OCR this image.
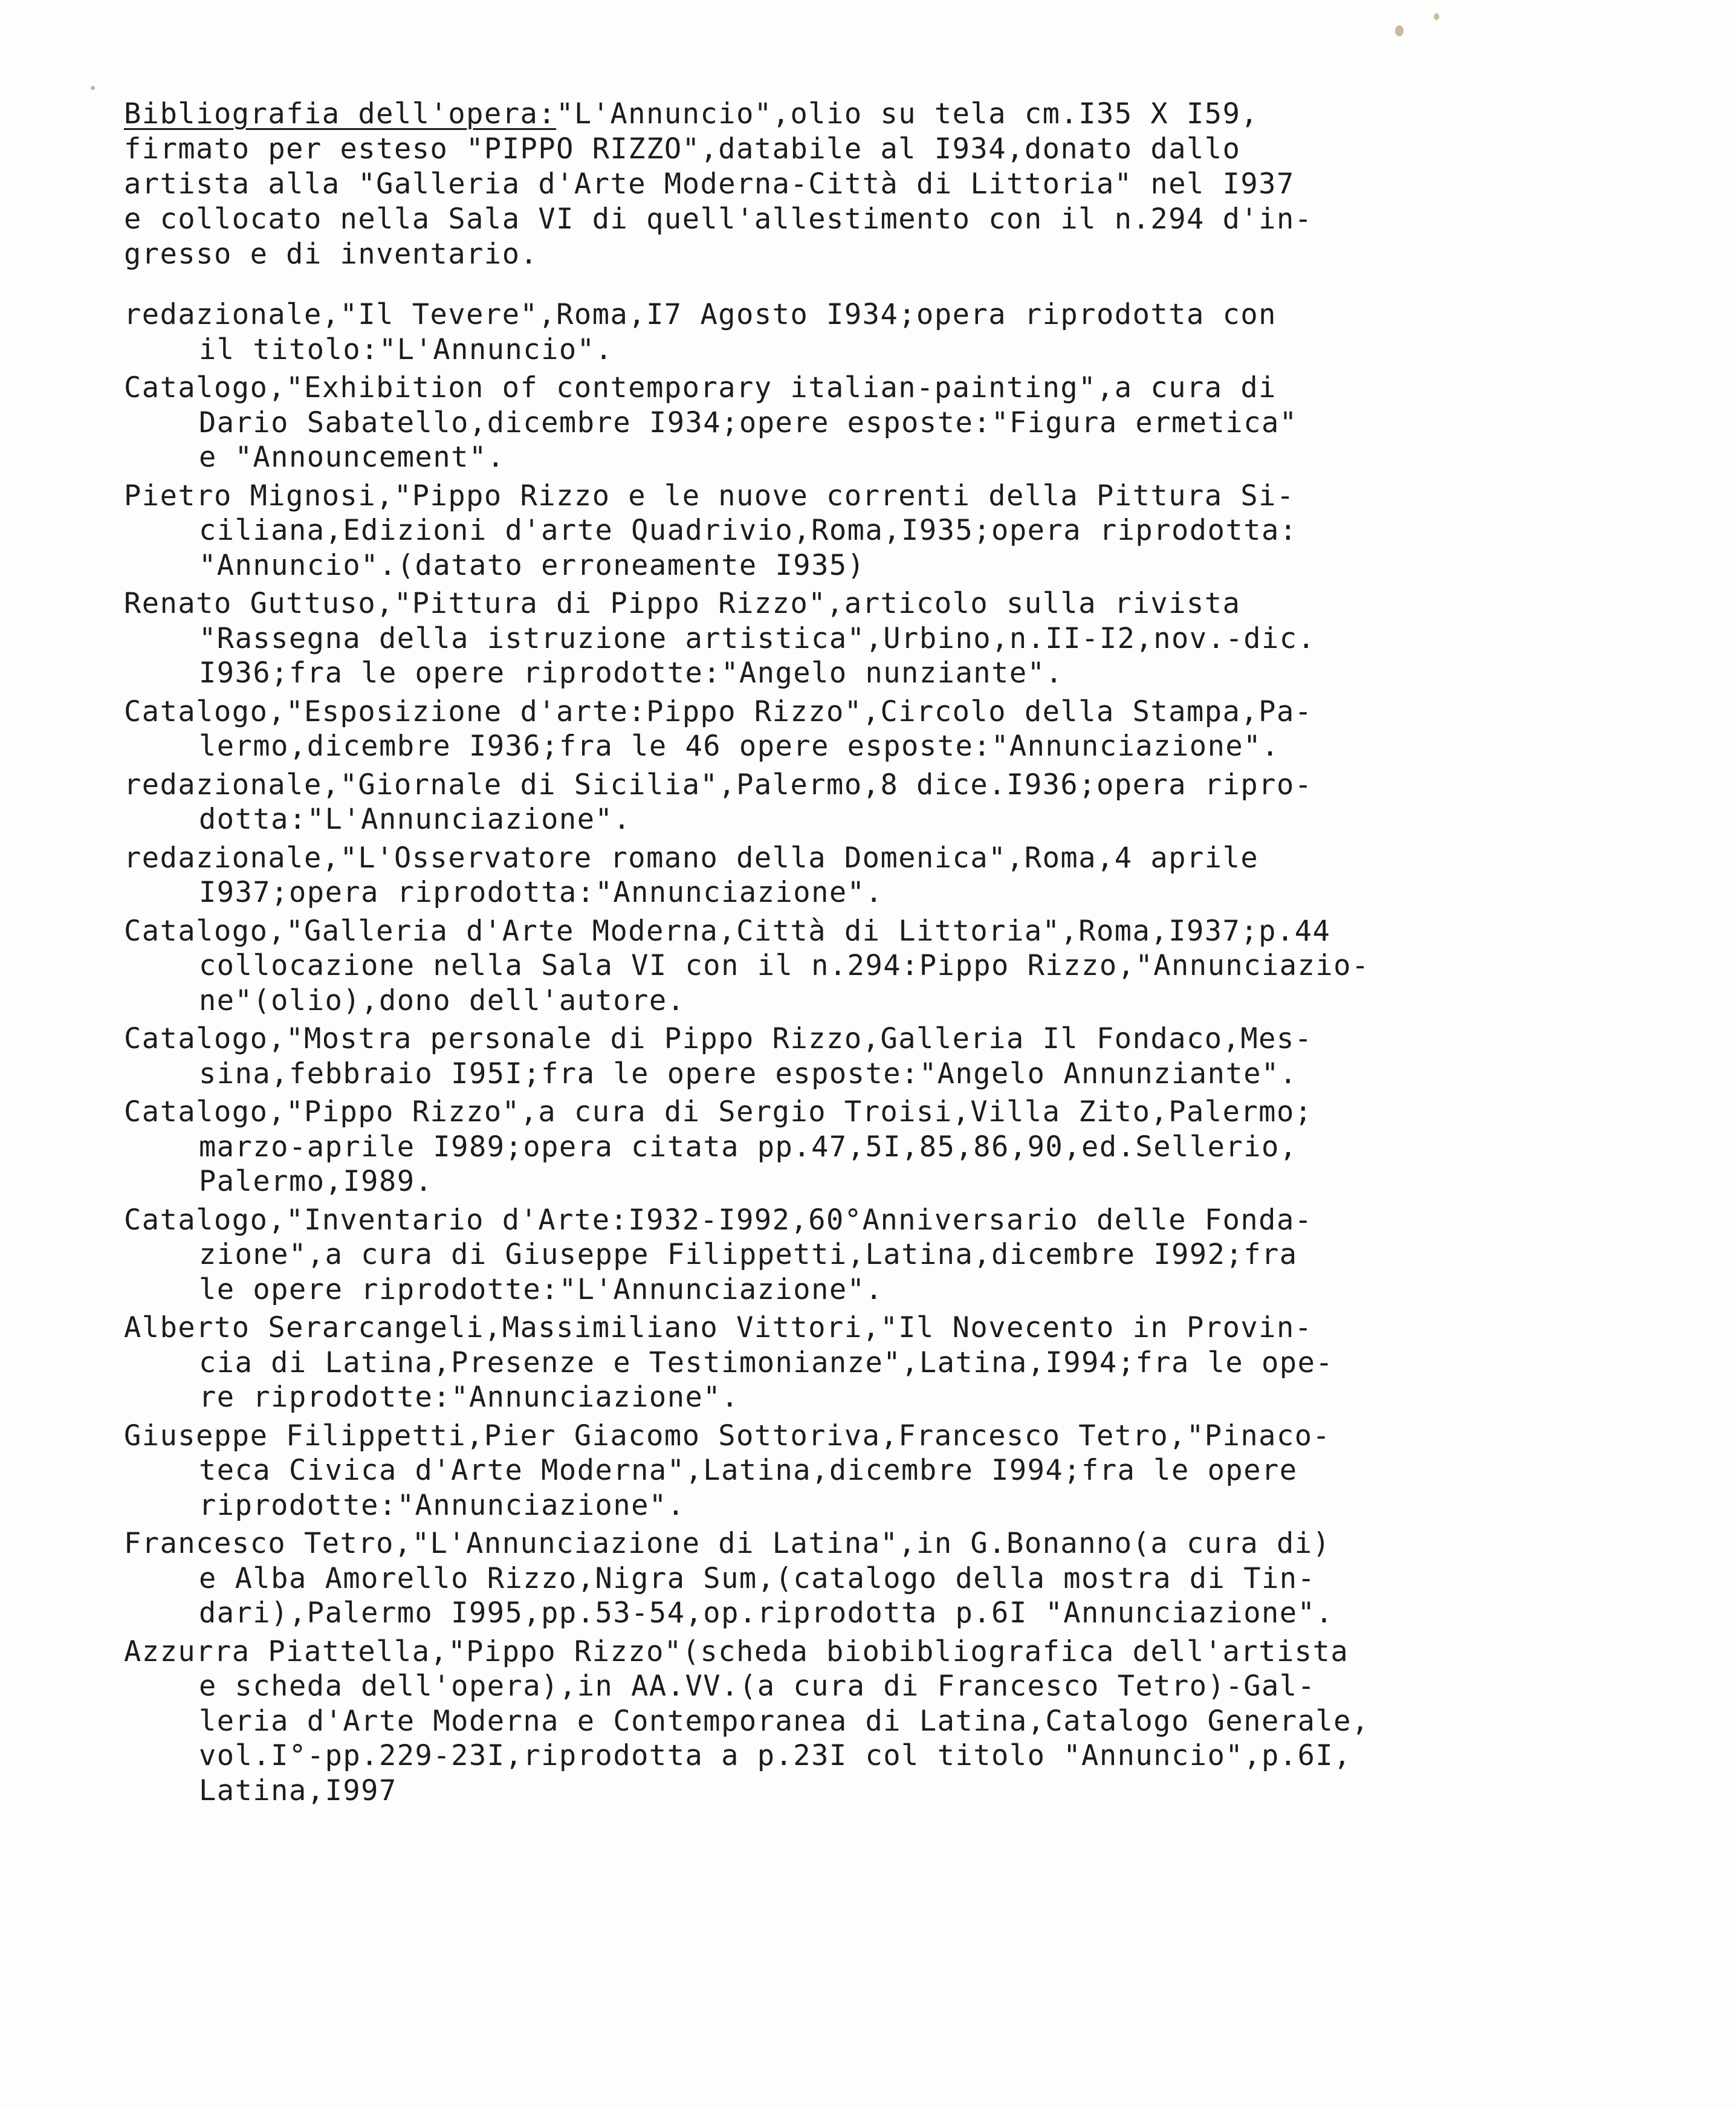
Bibliografia dell'opera:"L'Annuncio",olio su tela cm.I35 X I59,
firmato per esteso "PIPPO RIZZO",databile al I934,donato dallo
artista alla "Galleria d'Arte Moderna-Città di Littoria" nel I937
e collocato nella Sala VI di quell'allestimento con il n.294 d'in-
gresso e di inventario.
redazionale,"Il Tevere",Roma,I7 Agosto I934;opera riprodotta con
il titolo:"L'Annuncio".
Catalogo,"Exhibition of contemporary italian-painting",a cura di
Dario Sabatello,dicembre I934;opere esposte:"Figura ermetica"
e "Announcement".
Pietro Mignosi,"Pippo Rizzo e le nuove correnti della Pittura Si-
ciliana,Edizioni d'arte Quadrivio,Roma,I935;opera riprodotta:
"Annuncio".(datato erroneamente I935)
Renato Guttuso,"Pittura di Pippo Rizzo",articolo sulla rivista
"Rassegna della istruzione artistica",Urbino,n.II-I2,nov.-dic.
I936;fra le opere riprodotte:"Angelo nunziante".
Catalogo,"Esposizione d'arte:Pippo Rizzo",Circolo della Stampa,Pa-
lermo,dicembre I936;fra le 46 opere esposte:"Annunciazione".
redazionale,"Giornale di Sicilia",Palermo,8 dice.I936;opera ripro-
dotta:"L'Annunciazione".
redazionale,"L'Osservatore romano della Domenica",Roma,4 aprile
I937;opera riprodotta:"Annunciazione".
Catalogo,"Galleria d'Arte Moderna,Città di Littoria",Roma,I937;p.44
collocazione nella Sala VI con il n.294:Pippo Rizzo,"Annunciazio-
ne"(olio),dono dell'autore.
Catalogo,"Mostra personale di Pippo Rizzo,Galleria Il Fondaco,Mes-
sina,febbraio I95I;fra le opere esposte:"Angelo Annunziante".
Catalogo,"Pippo Rizzo",a cura di Sergio Troisi,Villa Zito,Palermo;
marzo-aprile I989;opera citata pp.47,5I,85,86,90,ed.Sellerio,
Palermo,I989.
Catalogo,"Inventario d'Arte:I932-I992,60°Anniversario delle Fonda-
zione",a cura di Giuseppe Filippetti,Latina,dicembre I992;fra
le opere riprodotte:"L'Annunciazione".
Alberto Serarcangeli,Massimiliano Vittori,"Il Novecento in Provin-
cia di Latina,Presenze e Testimonianze",Latina,I994;fra le ope-
re riprodotte:"Annunciazione".
Giuseppe Filippetti,Pier Giacomo Sottoriva,Francesco Tetro,"Pinaco-
teca Civica d'Arte Moderna",Latina,dicembre I994;fra le opere
riprodotte:"Annunciazione".
Francesco Tetro,"L'Annunciazione di Latina",in G.Bonanno(a cura di)
e Alba Amorello Rizzo,Nigra Sum,(catalogo della mostra di Tin-
dari),Palermo I995,pp.53-54,op.riprodotta p.6I "Annunciazione".
Azzurra Piattella,"Pippo Rizzo"(scheda biobibliografica dell'artista
e scheda dell'opera),in AA.VV.(a cura di Francesco Tetro)-Gal-
leria d'Arte Moderna e Contemporanea di Latina,Catalogo Generale,
vol.I°-pp.229-23I,riprodotta a p.23I col titolo "Annuncio",p.6I,
Latina,I997
